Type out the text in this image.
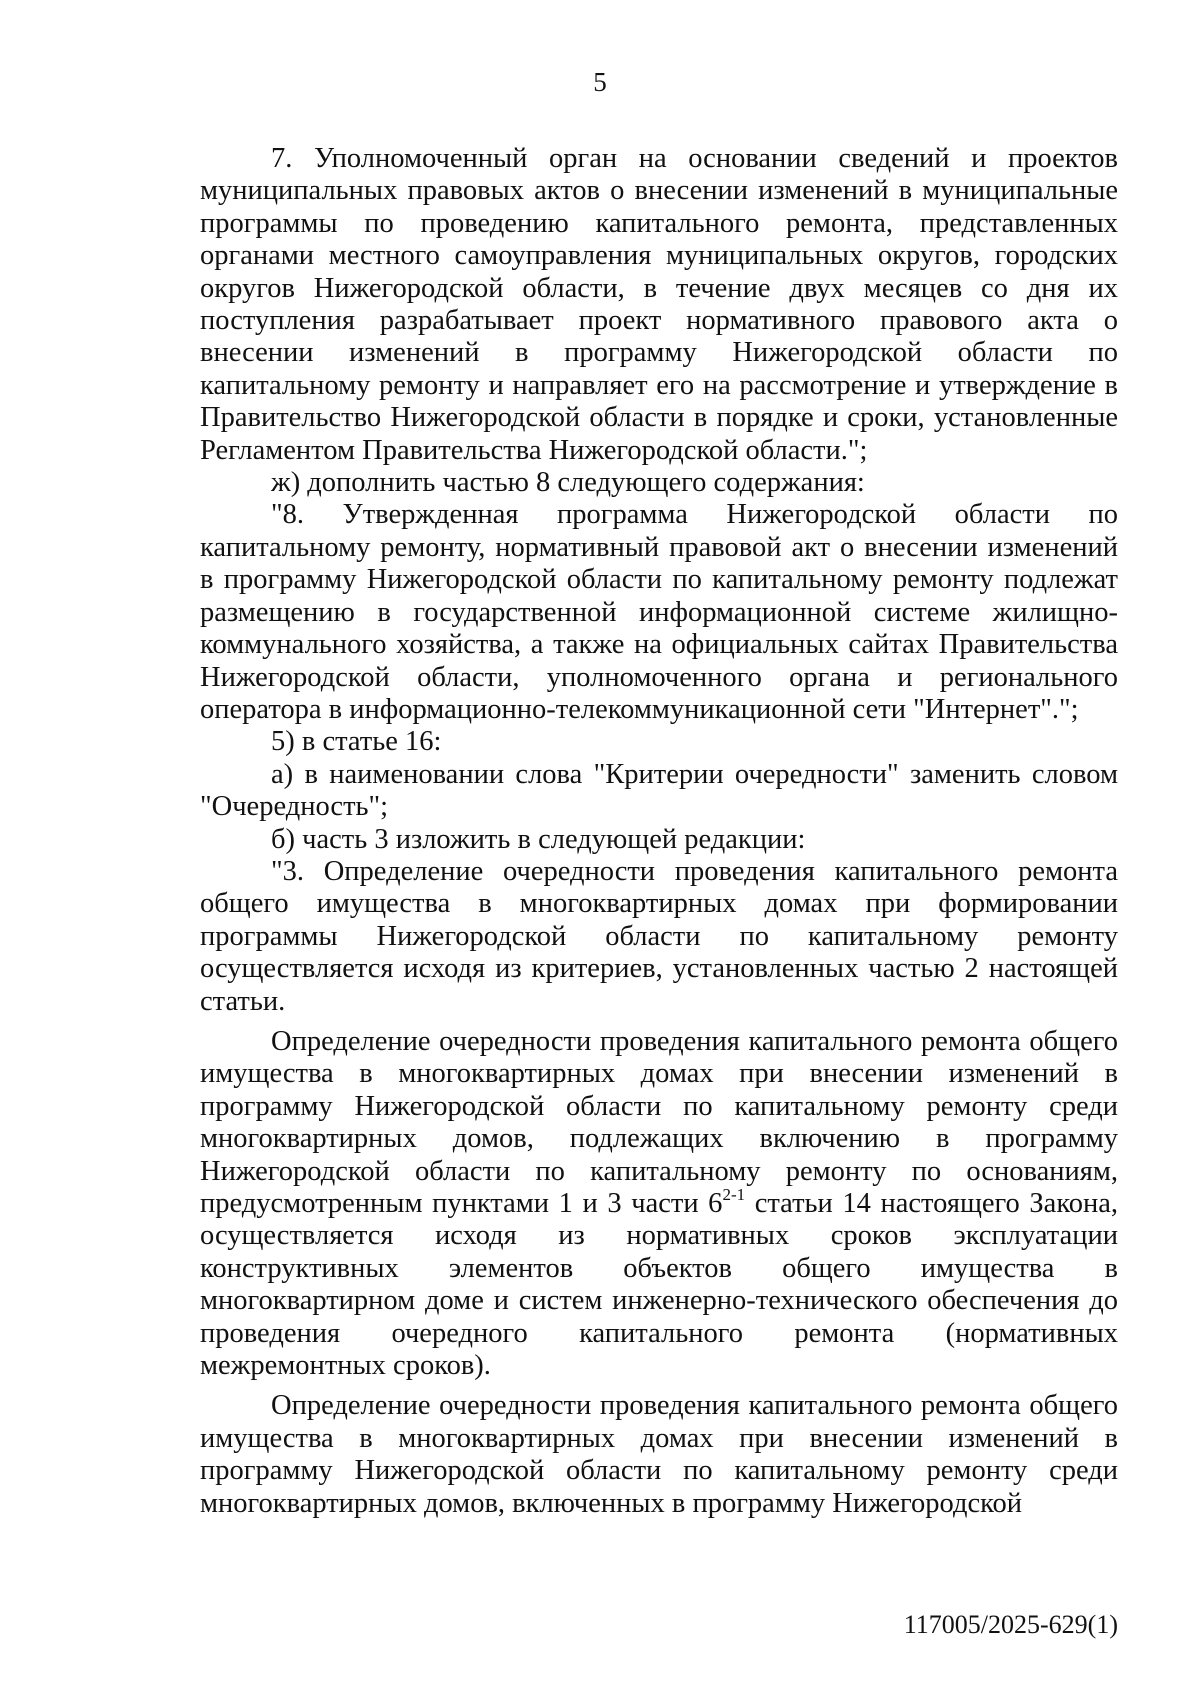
5

7. Уполномоченный орган на основании сведений и проектов муниципальных правовых актов о внесении изменений в муниципальные программы по проведению капитального ремонта, представленных органами местного самоуправления муниципальных округов, городских округов Нижегородской области, в течение двух месяцев со дня их поступления разрабатывает проект нормативного правового акта о внесении изменений в программу Нижегородской области по капитальному ремонту и направляет его на рассмотрение и утверждение в Правительство Нижегородской области в порядке и сроки, установленные Регламентом Правительства Нижегородской области.";

ж) дополнить частью 8 следующего содержания:

"8. Утвержденная программа Нижегородской области по капитальному ремонту, нормативный правовой акт о внесении изменений в программу Нижегородской области по капитальному ремонту подлежат размещению в государственной информационной системе жилищно-коммунального хозяйства, а также на официальных сайтах Правительства Нижегородской области, уполномоченного органа и регионального оператора в информационно-телекоммуникационной сети "Интернет".";

5) в статье 16:

а) в наименовании слова "Критерии очередности" заменить словом "Очередность";

б) часть 3 изложить в следующей редакции:

"3. Определение очередности проведения капитального ремонта общего имущества в многоквартирных домах при формировании программы Нижегородской области по капитальному ремонту осуществляется исходя из критериев, установленных частью 2 настоящей статьи.

Определение очередности проведения капитального ремонта общего имущества в многоквартирных домах при внесении изменений в программу Нижегородской области по капитальному ремонту среди многоквартирных домов, подлежащих включению в программу Нижегородской области по капитальному ремонту по основаниям, предусмотренным пунктами 1 и 3 части 6$^{2-1}$ статьи 14 настоящего Закона, осуществляется исходя из нормативных сроков эксплуатации конструктивных элементов объектов общего имущества в многоквартирном доме и систем инженерно-технического обеспечения до проведения очередного капитального ремонта (нормативных межремонтных сроков).

Определение очередности проведения капитального ремонта общего имущества в многоквартирных домах при внесении изменений в программу Нижегородской области по капитальному ремонту среди многоквартирных домов, включенных в программу Нижегородской

117005/2025-629(1)
